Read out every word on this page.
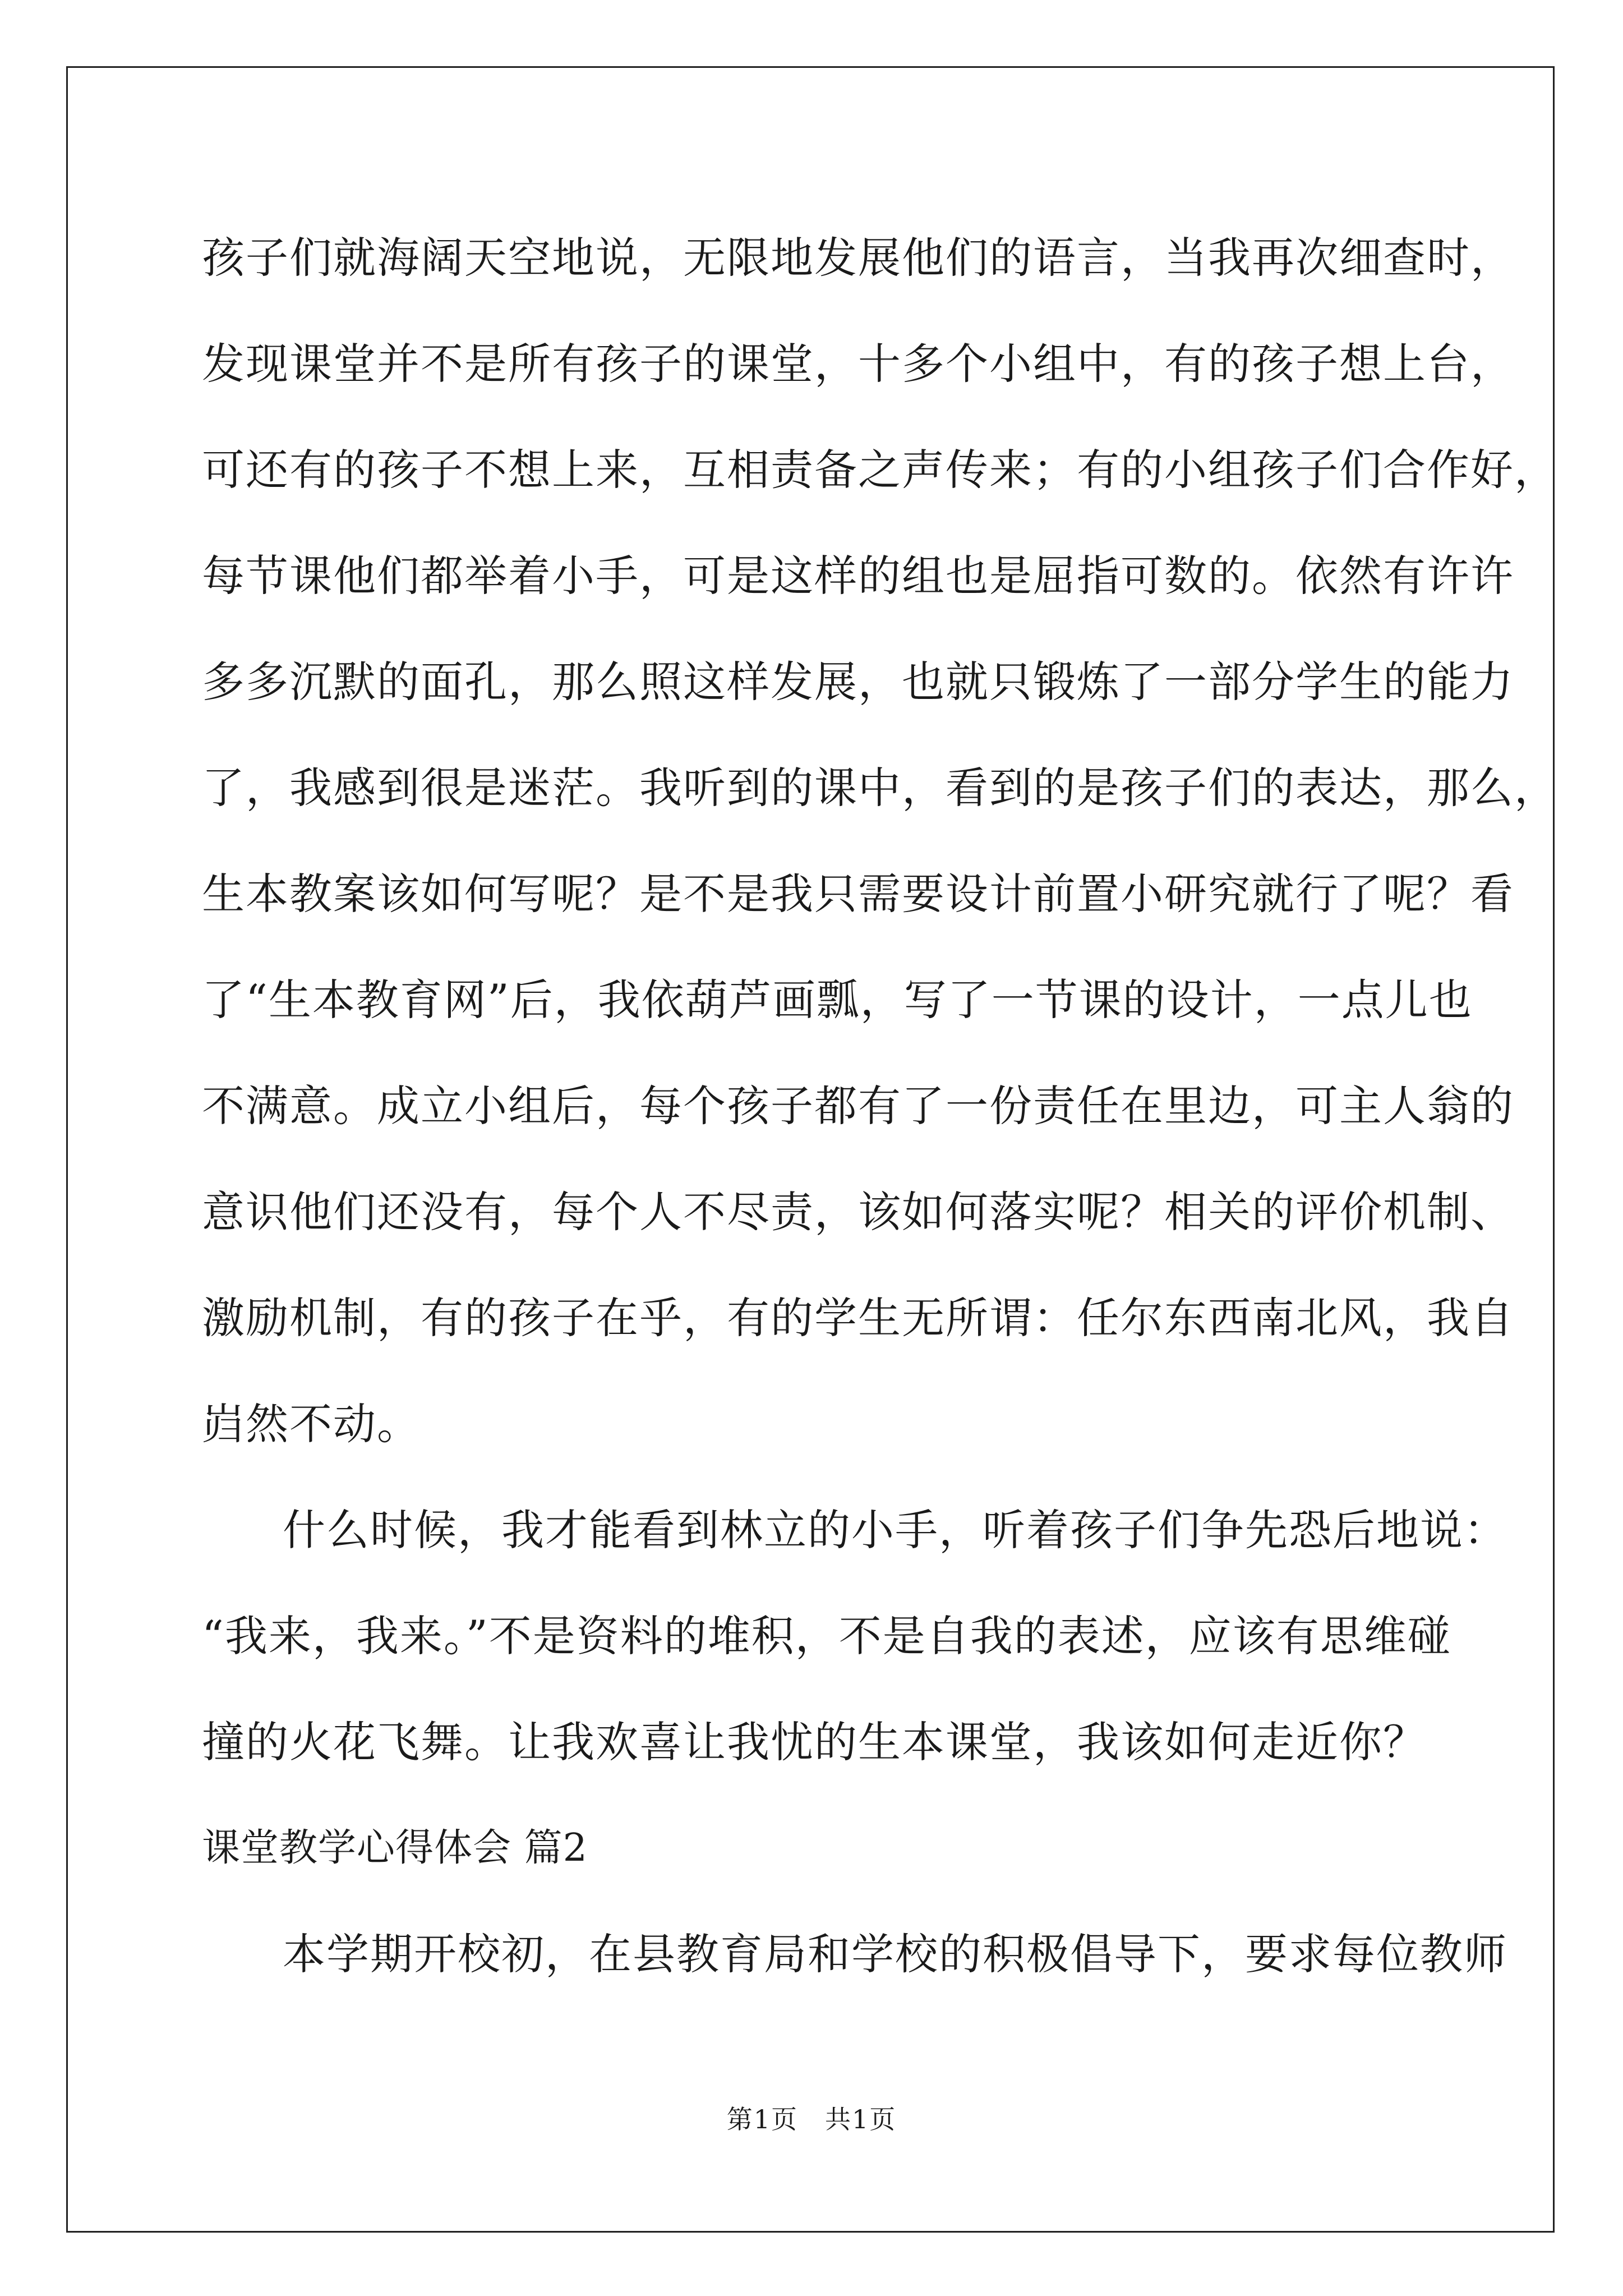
孩子们就海阔天空地说，无限地发展他们的语言，当我再次细查时，
发现课堂并不是所有孩子的课堂，十多个小组中，有的孩子想上台，
可还有的孩子不想上来，互相责备之声传来；有的小组孩子们合作好，
每节课他们都举着小手，可是这样的组也是屈指可数的。依然有许许
多多沉默的面孔，那么照这样发展，也就只锻炼了一部分学生的能力
了，我感到很是迷茫。我听到的课中，看到的是孩子们的表达，那么，
生本教案该如何写呢？是不是我只需要设计前置小研究就行了呢？看
了“生本教育网”后，我依葫芦画瓢，写了一节课的设计，一点儿也
不满意。成立小组后，每个孩子都有了一份责任在里边，可主人翁的
意识他们还没有，每个人不尽责，该如何落实呢？相关的评价机制、
激励机制，有的孩子在乎，有的学生无所谓：任尔东西南北风，我自
岿然不动。
什么时候，我才能看到林立的小手，听着孩子们争先恐后地说：
“我来，我来。”不是资料的堆积，不是自我的表述，应该有思维碰
撞的火花飞舞。让我欢喜让我忧的生本课堂，我该如何走近你？
课堂教学心得体会 篇2
本学期开校初，在县教育局和学校的积极倡导下，要求每位教师
第1页　共1页
